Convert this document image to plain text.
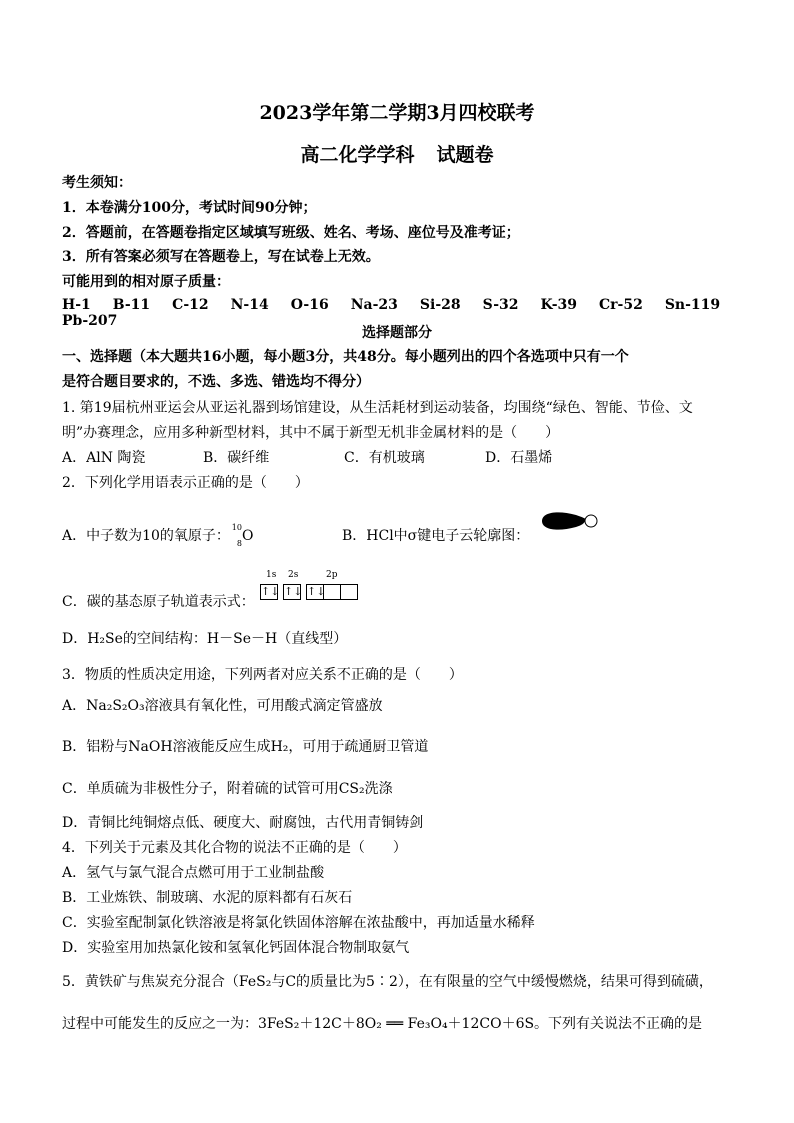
2023学年第二学期3月四校联考
高二化学学科 试题卷
考生须知：
1．本卷满分100分，考试时间90分钟；
2．答题前，在答题卷指定区域填写班级、姓名、考场、座位号及准考证；
3．所有答案必须写在答题卷上，写在试卷上无效。
可能用到的相对原子质量：
H-1 B-11 C-12 N-14 O-16 Na-23 Si-28 S-32 K-39 Cr-52 Sn-119Pb-207
选择题部分
一、选择题（本大题共16小题，每小题3分，共48分。每小题列出的四个各选项中只有一个
是符合题目要求的，不选、多选、错选均不得分）
1. 第19届杭州亚运会从亚运礼器到场馆建设，从生活耗材到运动装备，均围绕“绿色、智能、节俭、文
明”办赛理念，应用多种新型材料，其中不属于新型无机非金属材料的是（　　）
A．AlN 陶瓷	B．碳纤维	C．有机玻璃	D．石墨烯
2．下列化学用语表示正确的是（　　）
A．中子数为10的氧原子：
10
8 O	B．HCl中σ键电子云轮廓图：
1s 2s	2p
C．碳的基态原子轨道表示式：
↑↓ ↑↓ ↑↓
D．H₂Se的空间结构：H－Se－H（直线型）
3．物质的性质决定用途，下列两者对应关系不正确的是（　　）
A．Na₂S₂O₃溶液具有氧化性，可用酸式滴定管盛放
B．铝粉与NaOH溶液能反应生成H₂，可用于疏通厨卫管道
C．单质硫为非极性分子，附着硫的试管可用CS₂洗涤
D．青铜比纯铜熔点低、硬度大、耐腐蚀，古代用青铜铸剑
4．下列关于元素及其化合物的说法不正确的是（　　）
A．氢气与氯气混合点燃可用于工业制盐酸
B．工业炼铁、制玻璃、水泥的原料都有石灰石
C．实验室配制氯化铁溶液是将氯化铁固体溶解在浓盐酸中，再加适量水稀释
D．实验室用加热氯化铵和氢氧化钙固体混合物制取氨气
5．黄铁矿与焦炭充分混合（FeS₂与C的质量比为5∶2），在有限量的空气中缓慢燃烧，结果可得到硫磺，
过程中可能发生的反应之一为：3FeS₂＋12C＋8O₂ ══ Fe₃O₄＋12CO＋6S。下列有关说法不正确的是
